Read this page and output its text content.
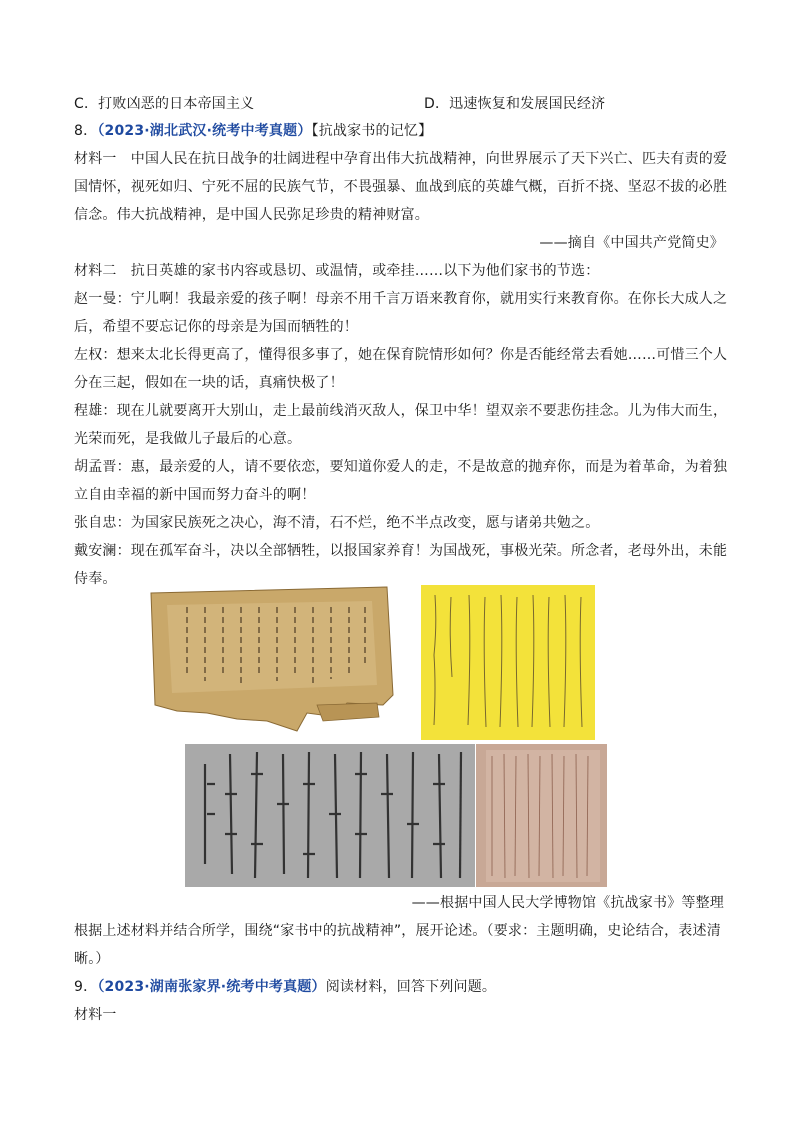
C．打败凶恶的日本帝国主义	D．迅速恢复和发展国民经济
8．（2023·湖北武汉·统考中考真题）【抗战家书的记忆】
材料一　中国人民在抗日战争的壮阔进程中孕育出伟大抗战精神，向世界展示了天下兴亡、匹夫有责的爱
国情怀，视死如归、宁死不屈的民族气节，不畏强暴、血战到底的英雄气概，百折不挠、坚忍不拔的必胜
信念。伟大抗战精神，是中国人民弥足珍贵的精神财富。
——摘自《中国共产党简史》
材料二　抗日英雄的家书内容或恳切、或温情，或牵挂……以下为他们家书的节选：
赵一曼：宁儿啊！我最亲爱的孩子啊！母亲不用千言万语来教育你，就用实行来教育你。在你长大成人之
后，希望不要忘记你的母亲是为国而牺牲的！
左权：想来太北长得更高了，懂得很多事了，她在保育院情形如何？你是否能经常去看她……可惜三个人
分在三起，假如在一块的话，真痛快极了！
程雄：现在儿就要离开大别山，走上最前线消灭敌人，保卫中华！望双亲不要悲伤挂念。儿为伟大而生，
光荣而死，是我做儿子最后的心意。
胡孟晋：惠，最亲爱的人，请不要依恋，要知道你爱人的走，不是故意的抛弃你，而是为着革命，为着独
立自由幸福的新中国而努力奋斗的啊！
张自忠：为国家民族死之决心，海不清，石不烂，绝不半点改变，愿与诸弟共勉之。
戴安澜：现在孤军奋斗，决以全部牺牲，以报国家养育！为国战死，事极光荣。所念者，老母外出，未能
侍奉。
——根据中国人民大学博物馆《抗战家书》等整理
根据上述材料并结合所学，围绕“家书中的抗战精神”，展开论述。（要求：主题明确，史论结合，表述清
晰。）
9．（2023·湖南张家界·统考中考真题）阅读材料，回答下列问题。
材料一
